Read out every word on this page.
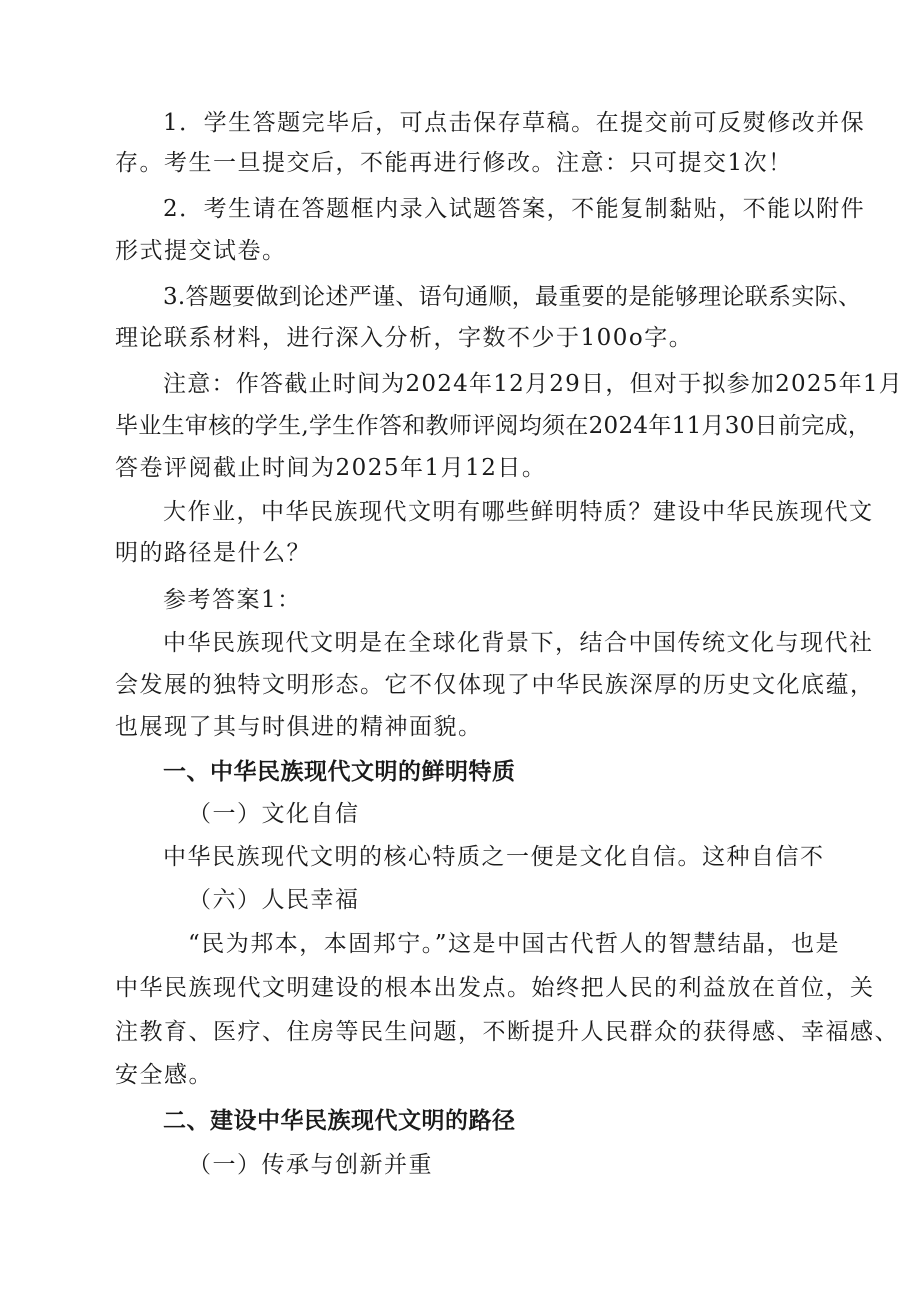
1．学生答题完毕后，可点击保存草稿。在提交前可反熨修改并保
存。考生一旦提交后，不能再进行修改。注意：只可提交1次！
2．考生请在答题框内录入试题答案，不能复制黏贴，不能以附件
形式提交试卷。
3.答题要做到论述严谨、语句通顺，最重要的是能够理论联系实际、
理论联系材料，进行深入分析，字数不少于100o字。
注意：作答截止时间为2024年12月29日，但对于拟参加2025年1月
毕业生审核的学生,学生作答和教师评阅均须在2024年11月30日前完成，
答卷评阅截止时间为2025年1月12日。
大作业，中华民族现代文明有哪些鲜明特质？建设中华民族现代文
明的路径是什么？
参考答案1：
中华民族现代文明是在全球化背景下，结合中国传统文化与现代社
会发展的独特文明形态。它不仅体现了中华民族深厚的历史文化底蕴，
也展现了其与时俱进的精神面貌。
一、中华民族现代文明的鲜明特质
（一）文化自信
中华民族现代文明的核心特质之一便是文化自信。这种自信不
（六）人民幸福
“民为邦本，本固邦宁。”这是中国古代哲人的智慧结晶，也是
中华民族现代文明建设的根本出发点。始终把人民的利益放在首位，关
注教育、医疗、住房等民生问题，不断提升人民群众的获得感、幸福感、
安全感。
二、建设中华民族现代文明的路径
（一）传承与创新并重
